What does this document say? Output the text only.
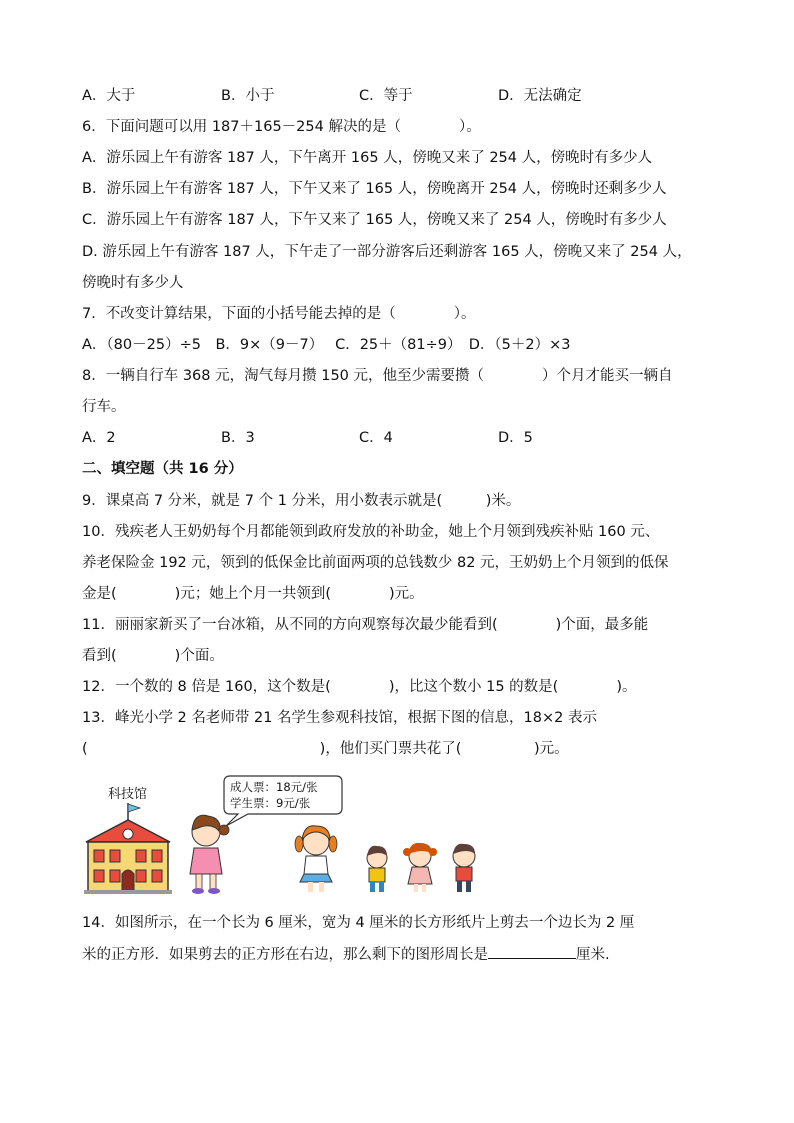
A．大于	B．小于	C．等于	D．无法确定
6．下面问题可以用 187＋165－254 解决的是（　　　　）。
A．游乐园上午有游客 187 人，下午离开 165 人，傍晚又来了 254 人，傍晚时有多少人
B．游乐园上午有游客 187 人，下午又来了 165 人，傍晚离开 254 人，傍晚时还剩多少人
C．游乐园上午有游客 187 人，下午又来了 165 人，傍晚又来了 254 人，傍晚时有多少人
D. 游乐园上午有游客 187 人，下午走了一部分游客后还剩游客 165 人，傍晚又来了 254 人，
傍晚时有多少人
7．不改变计算结果，下面的小括号能去掉的是（　　　　）。
A．（80－25）÷5　B．9×（9－7）　 C．25＋（81÷9）　D．（5＋2）×3
8．一辆自行车 368 元，淘气每月攒 150 元，他至少需要攒（　　　　）个月才能买一辆自
行车。
A．2	B．3	C．4	D．5
二、填空题（共 16 分）
9．课桌高 7 分米，就是 7 个 1 分米，用小数表示就是(　　　)米。
10．残疾老人王奶奶每个月都能领到政府发放的补助金，她上个月领到残疾补贴 160 元、
养老保险金 192 元，领到的低保金比前面两项的总钱数少 82 元，王奶奶上个月领到的低保
金是(　　　　)元；她上个月一共领到(　　　　)元。
11．丽丽家新买了一台冰箱，从不同的方向观察每次最少能看到(　　　　)个面，最多能
看到(　　　　)个面。
12．一个数的 8 倍是 160，这个数是(　　　　)，比这个数小 15 的数是(　　　　)。
13．峰光小学 2 名老师带 21 名学生参观科技馆，根据下图的信息，18×2 表示
(　　　　　　　　　　　　　　　　)，他们买门票共花了(　　　　　)元。
科技馆	成人票：18元/张
学生票：9元/张
14．如图所示，在一个长为 6 厘米，宽为 4 厘米的长方形纸片上剪去一个边长为 2 厘
米的正方形．如果剪去的正方形在右边，那么剩下的图形周长是	厘米.
